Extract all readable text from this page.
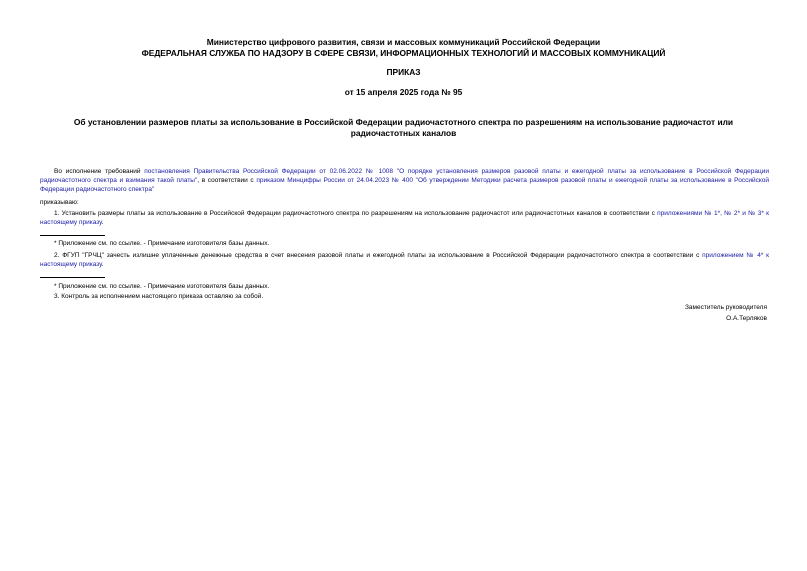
Министерство цифрового развития, связи и массовых коммуникаций Российской Федерации
ФЕДЕРАЛЬНАЯ СЛУЖБА ПО НАДЗОРУ В СФЕРЕ СВЯЗИ, ИНФОРМАЦИОННЫХ ТЕХНОЛОГИЙ И МАССОВЫХ КОММУНИКАЦИЙ
ПРИКАЗ
от 15 апреля 2025 года № 95
Об установлении размеров платы за использование в Российской Федерации радиочастотного спектра по разрешениям на использование радиочастот или радиочастотных каналов
Во исполнение требований постановления Правительства Российской Федерации от 02.06.2022 № 1008 "О порядке установления размеров разовой платы и ежегодной платы за использование в Российской Федерации радиочастотного спектра и взимания такой платы", в соответствии с приказом Минцифры России от 24.04.2023 № 400 "Об утверждении Методики расчета размеров разовой платы и ежегодной платы за использование в Российской Федерации радиочастотного спектра"
приказываю:
1. Установить размеры платы за использование в Российской Федерации радиочастотного спектра по разрешениям на использование радиочастот или радиочастотных каналов в соответствии с приложениями № 1*, № 2* и № 3* к настоящему приказу.
* Приложение см. по ссылке. - Примечание изготовителя базы данных.
2. ФГУП "ГРЧЦ" зачесть излишне уплаченные денежные средства в счет внесения разовой платы и ежегодной платы за использование в Российской Федерации радиочастотного спектра в соответствии с приложением № 4* к настоящему приказу.
* Приложение см. по ссылке. - Примечание изготовителя базы данных.
3. Контроль за исполнением настоящего приказа оставляю за собой.
Заместитель руководителя
О.А.Терляков
